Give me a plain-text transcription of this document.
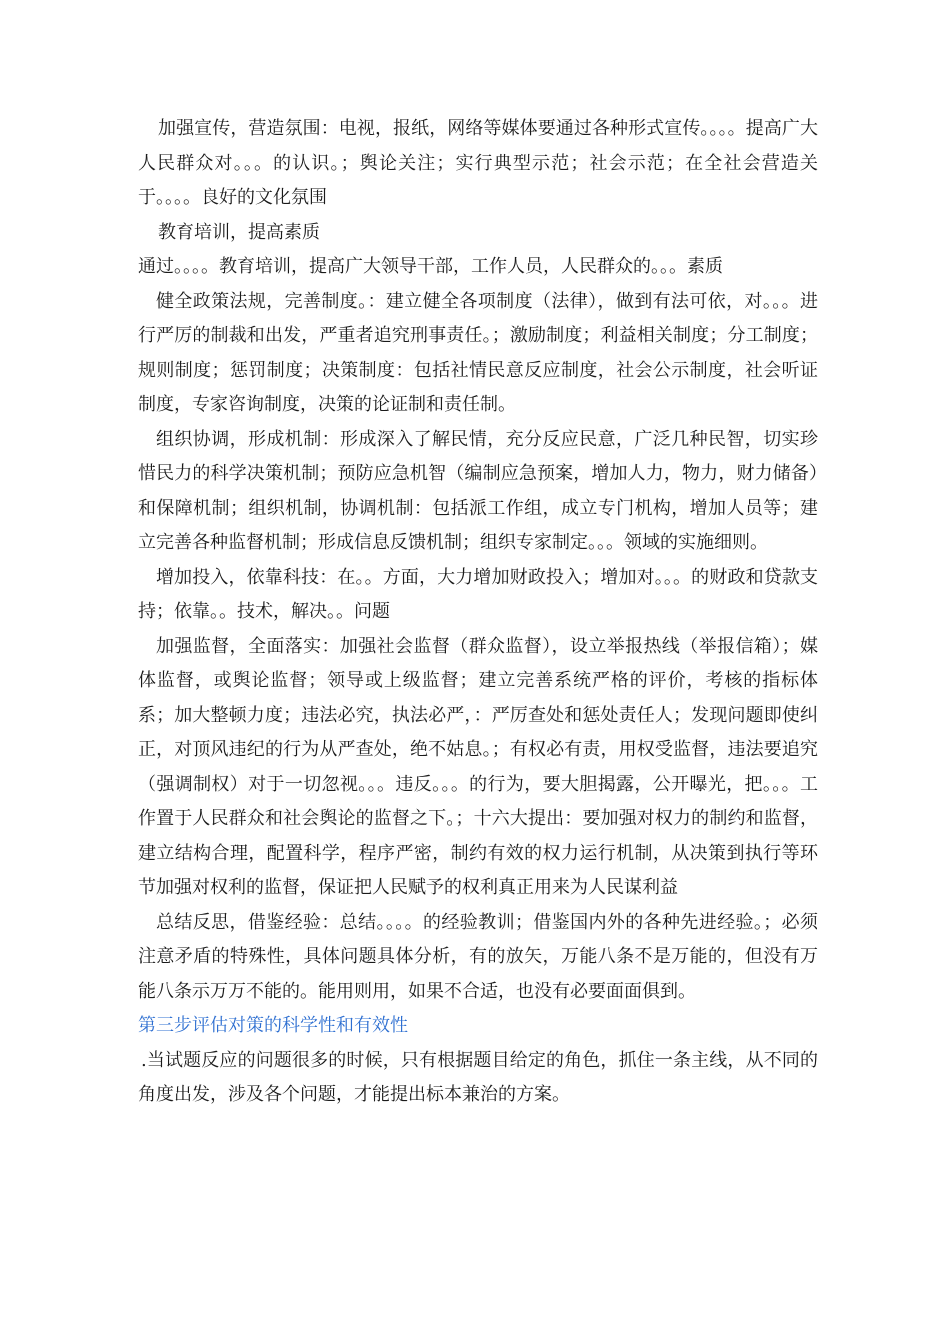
加强宣传，营造氛围：电视，报纸，网络等媒体要通过各种形式宣传。。。。提高广大人民群众对。。。的认识。；舆论关注；实行典型示范；社会示范；在全社会营造关于。。。。良好的文化氛围

教育培训，提高素质

通过。。。。教育培训，提高广大领导干部，工作人员，人民群众的。。。素质

健全政策法规，完善制度。：建立健全各项制度（法律），做到有法可依，对。。。进行严厉的制裁和出发，严重者追究刑事责任。；激励制度；利益相关制度；分工制度；规则制度；惩罚制度；决策制度：包括社情民意反应制度，社会公示制度，社会听证制度，专家咨询制度，决策的论证制和责任制。

组织协调，形成机制：形成深入了解民情，充分反应民意，广泛几种民智，切实珍惜民力的科学决策机制；预防应急机智（编制应急预案，增加人力，物力，财力储备）和保障机制；组织机制，协调机制：包括派工作组，成立专门机构，增加人员等；建立完善各种监督机制；形成信息反馈机制；组织专家制定。。。领域的实施细则。

增加投入，依靠科技：在。。方面，大力增加财政投入；增加对。。。的财政和贷款支持；依靠。。技术，解决。。问题

加强监督，全面落实：加强社会监督（群众监督），设立举报热线（举报信箱）；媒体监督，或舆论监督；领导或上级监督；建立完善系统严格的评价，考核的指标体系；加大整顿力度；违法必究，执法必严，：严厉查处和惩处责任人；发现问题即使纠正，对顶风违纪的行为从严查处，绝不姑息。；有权必有责，用权受监督，违法要追究（强调制权）对于一切忽视。。。违反。。。的行为，要大胆揭露，公开曝光，把。。。工作置于人民群众和社会舆论的监督之下。；十六大提出：要加强对权力的制约和监督，建立结构合理，配置科学，程序严密，制约有效的权力运行机制，从决策到执行等环节加强对权利的监督，保证把人民赋予的权利真正用来为人民谋利益

总结反思，借鉴经验：总结。。。。的经验教训；借鉴国内外的各种先进经验。；必须注意矛盾的特殊性，具体问题具体分析，有的放矢，万能八条不是万能的，但没有万能八条示万万不能的。能用则用，如果不合适，也没有必要面面俱到。

第三步评估对策的科学性和有效性

.当试题反应的问题很多的时候，只有根据题目给定的角色，抓住一条主线，从不同的角度出发，涉及各个问题，才能提出标本兼治的方案。
